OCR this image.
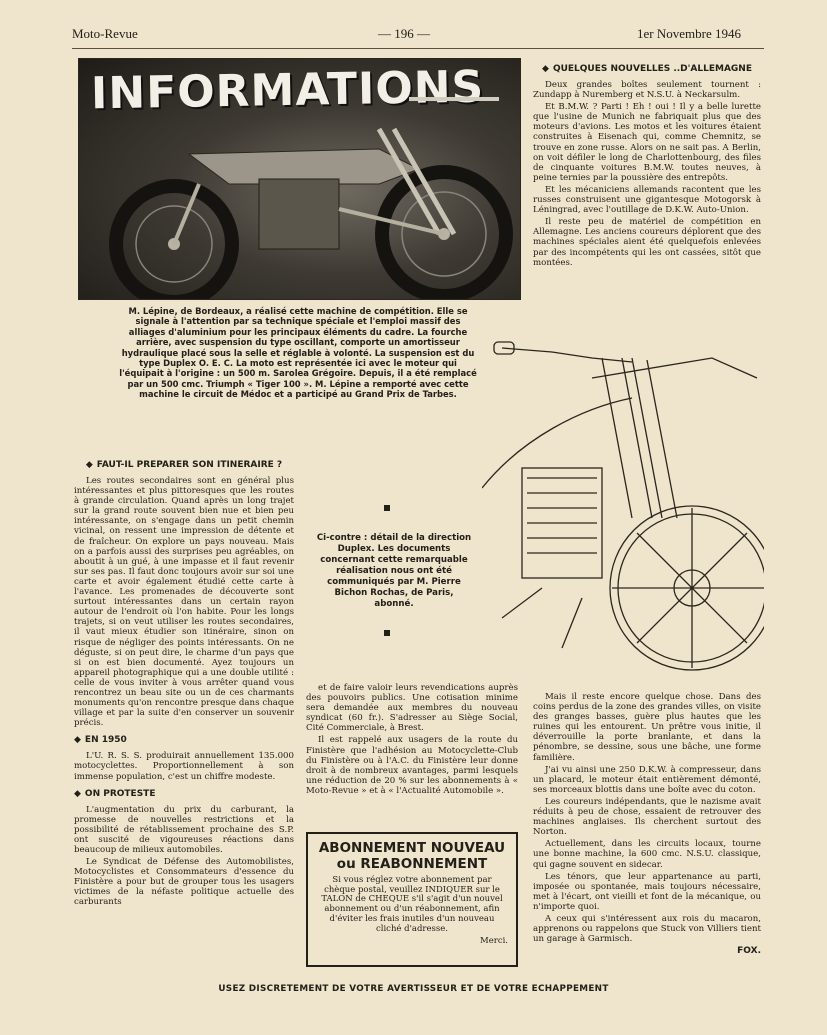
Moto-Revue	— 196 —	1er Novembre 1946
INFORMATIONS
M. Lépine, de Bordeaux, a réalisé cette machine de compétition. Elle se signale à l'attention par sa technique spéciale et l'emploi massif des alliages d'aluminium pour les principaux éléments du cadre. La fourche arrière, avec suspension du type oscillant, comporte un amortisseur hydraulique placé sous la selle et réglable à volonté. La suspension est du type Duplex O. E. C. La moto est représentée ici avec le moteur qui l'équipait à l'origine : un 500 m. Sarolea Grégoire. Depuis, il a été remplacé par un 500 cmc. Triumph « Tiger 100 ». M. Lépine a remporté avec cette machine le circuit de Médoc et a participé au Grand Prix de Tarbes.
◆ QUELQUES NOUVELLES ..D'ALLEMAGNE

Deux grandes boîtes seulement tournent : Zundapp à Nuremberg et N.S.U. à Neckarsulm.

Et B.M.W. ? Parti ! Eh ! oui ! Il y a belle lurette que l'usine de Munich ne fabriquait plus que des moteurs d'avions. Les motos et les voitures étaient construites à Eisenach qui, comme Chemnitz, se trouve en zone russe. Alors on ne sait pas. A Berlin, on voit défiler le long de Charlottenbourg, des files de cinquante voitures B.M.W. toutes neuves, à peine ternies par la poussière des entrepôts.

Et les mécaniciens allemands racontent que les russes construisent une gigantesque Motogorsk à Léningrad, avec l'outillage de D.K.W. Auto-Union.

Il reste peu de matériel de compétition en Allemagne. Les anciens coureurs déplorent que des machines spéciales aient été quelquefois enlevées par des incompétents qui les ont cassées, sitôt que montées.

◆ FAUT-IL PREPARER SON ITINERAIRE ?

Les routes secondaires sont en général plus intéressantes et plus pittoresques que les routes à grande circulation. Quand après un long trajet sur la grand route souvent bien nue et bien peu intéressante, on s'engage dans un petit chemin vicinal, on ressent une impression de détente et de fraîcheur. On explore un pays nouveau. Mais on a parfois aussi des surprises peu agréables, on aboutit à un gué, à une impasse et il faut revenir sur ses pas. Il faut donc toujours avoir sur soi une carte et avoir également étudié cette carte à l'avance. Les promenades de découverte sont surtout intéressantes dans un certain rayon autour de l'endroit où l'on habite. Pour les longs trajets, si on veut utiliser les routes secondaires, il vaut mieux étudier son itinéraire, sinon on risque de négliger des points intéressants. On ne déguste, si on peut dire, le charme d'un pays que si on est bien documenté. Ayez toujours un appareil photographique qui a une double utilité : celle de vous inviter à vous arrêter quand vous rencontrez un beau site ou un de ces charmants monuments qu'on rencontre presque dans chaque village et par la suite d'en conserver un souvenir précis.

◆ EN 1950

L'U. R. S. S. produirait annuellement 135.000 motocyclettes. Proportionnellement à son immense population, c'est un chiffre modeste.

◆ ON PROTESTE

L'augmentation du prix du carburant, la promesse de nouvelles restrictions et la possibilité de rétablissement prochaine des S.P. ont suscité de vigoureuses réactions dans beaucoup de milieux automobiles.

Le Syndicat de Défense des Automobilistes, Motocyclistes et Consommateurs d'essence du Finistère a pour but de grouper tous les usagers victimes de la néfaste politique actuelle des carburants

Ci-contre : détail de la direction Duplex. Les documents concernant cette remarquable réalisation nous ont été communiqués par M. Pierre Bichon Rochas, de Paris, abonné.

et de faire valoir leurs revendications auprès des pouvoirs publics. Une cotisation minime sera demandée aux membres du nouveau syndicat (60 fr.). S'adresser au Siège Social, Cité Commerciale, à Brest.

Il est rappelé aux usagers de la route du Finistère que l'adhésion au Motocyclette-Club du Finistère ou à l'A.C. du Finistère leur donne droit à de nombreux avantages, parmi lesquels une réduction de 20 % sur les abonnements à « Moto-Revue » et à « l'Actualité Automobile ».

ABONNEMENT NOUVEAU
ou REABONNEMENT
Si vous réglez votre abonnement par chèque postal, veuillez INDIQUER sur le TALON de CHEQUE s'il s'agit d'un nouvel abonnement ou d'un réabonnement, afin d'éviter les frais inutiles d'un nouveau cliché d'adresse.
Merci.

Mais il reste encore quelque chose. Dans des coins perdus de la zone des grandes villes, on visite des granges basses, guère plus hautes que les ruines qui les entourent. Un prêtre vous initie, il déverrouille la porte branlante, et dans la pénombre, se dessine, sous une bâche, une forme familière.

J'ai vu ainsi une 250 D.K.W. à compresseur, dans un placard, le moteur était entièrement démonté, ses morceaux blottis dans une boîte avec du coton.

Les coureurs indépendants, que le nazisme avait réduits à peu de chose, essaient de retrouver des machines anglaises. Ils cherchent surtout des Norton.

Actuellement, dans les circuits locaux, tourne une bonne machine, la 600 cmc. N.S.U. classique, qui gagne souvent en sidecar.

Les ténors, que leur appartenance au parti, imposée ou spontanée, mais toujours nécessaire, met à l'écart, ont vieilli et font de la mécanique, ou n'importe quoi.

A ceux qui s'intéressent aux rois du macaron, apprenons ou rappelons que Stuck von Villiers tient un garage à Garmisch.

FOX.
USEZ DISCRETEMENT DE VOTRE AVERTISSEUR ET DE VOTRE ECHAPPEMENT
